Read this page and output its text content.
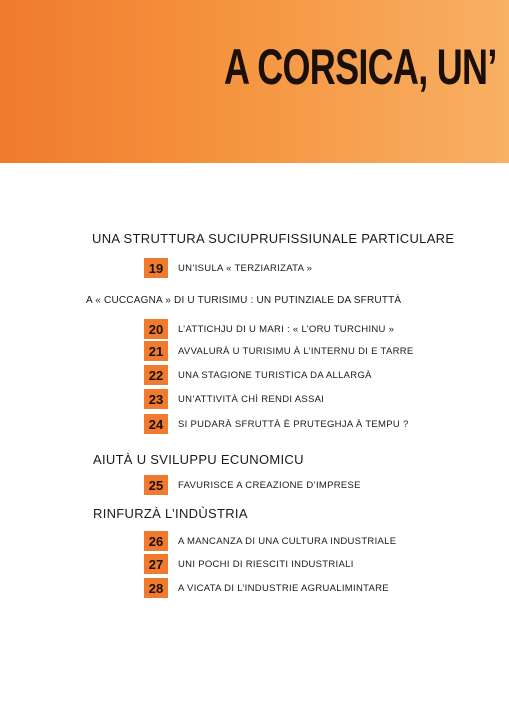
A CORSICA, UN’
UNA STRUTTURA SUCIUPRUFISSIUNALE PARTICULARE
19	UN’ISULA « TERZIARIZATA »
A « CUCCAGNA » DI U TURISIMU : UN PUTINZIALE DA SFRUTTÀ
20	L’ATTICHJU DI U MARI : « L’ORU TURCHINU »
21	AVVALURÀ U TURISIMU À L’INTERNU DI E TARRE
22	UNA STAGIONE TURISTICA DA ALLARGÀ
23	UN’ATTIVITÀ CHÌ RENDI ASSAI
24	SI PUDARÀ SFRUTTÀ È PRUTEGHJA À TEMPU ?
AIUTÀ U SVILUPPU ECUNOMICU
25	FAVURISCE A CREAZIONE D’IMPRESE
RINFURZÀ L’INDÙSTRIA
26	A MANCANZA DI UNA CULTURA INDUSTRIALE
27	UNI POCHI DI RIESCITI INDUSTRIALI
28	A VICATA DI L’INDUSTRIE AGRUALIMINTARE
